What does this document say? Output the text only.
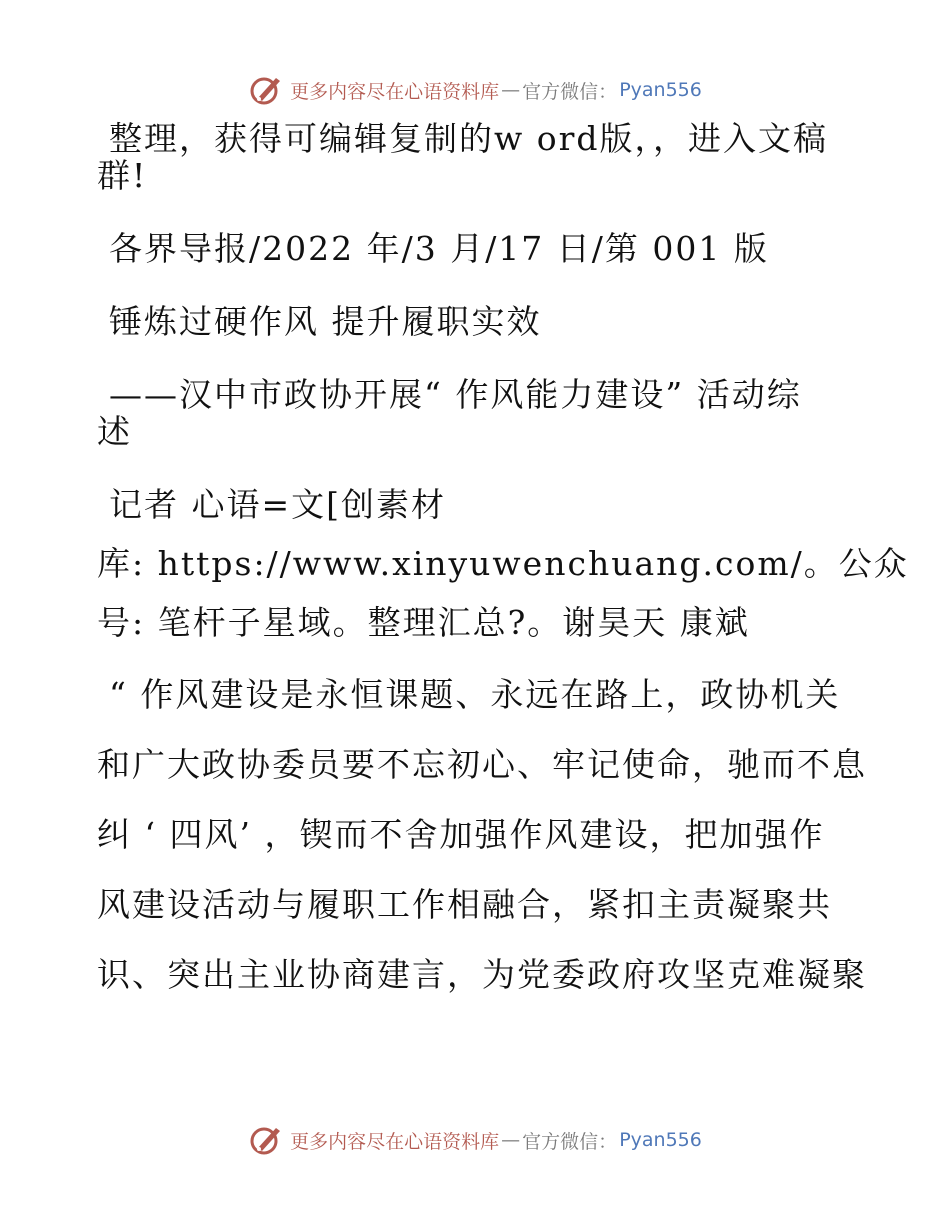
更多内容尽在心语资料库 — 官方微信： Pyan556
整理，获得可编辑复制的w ord版，，进入文稿
群!
各界导报/2022 年/3 月/17 日/第 001 版
锤炼过硬作风 提升履职实效
——汉中市政协开展“ 作风能力建设” 活动综
述
记者 心语=文[创素材
库: https://www.xinyuwenchuang.com/。公众
号: 笔杆子星域。整理汇总?。谢昊天 康斌
“ 作风建设是永恒课题、永远在路上，政协机关
和广大政协委员要不忘初心、牢记使命，驰而不息
纠 ‘ 四风’ ，锲而不舍加强作风建设，把加强作
风建设活动与履职工作相融合，紧扣主责凝聚共
识、突出主业协商建言，为党委政府攻坚克难凝聚
更多内容尽在心语资料库 — 官方微信： Pyan556
